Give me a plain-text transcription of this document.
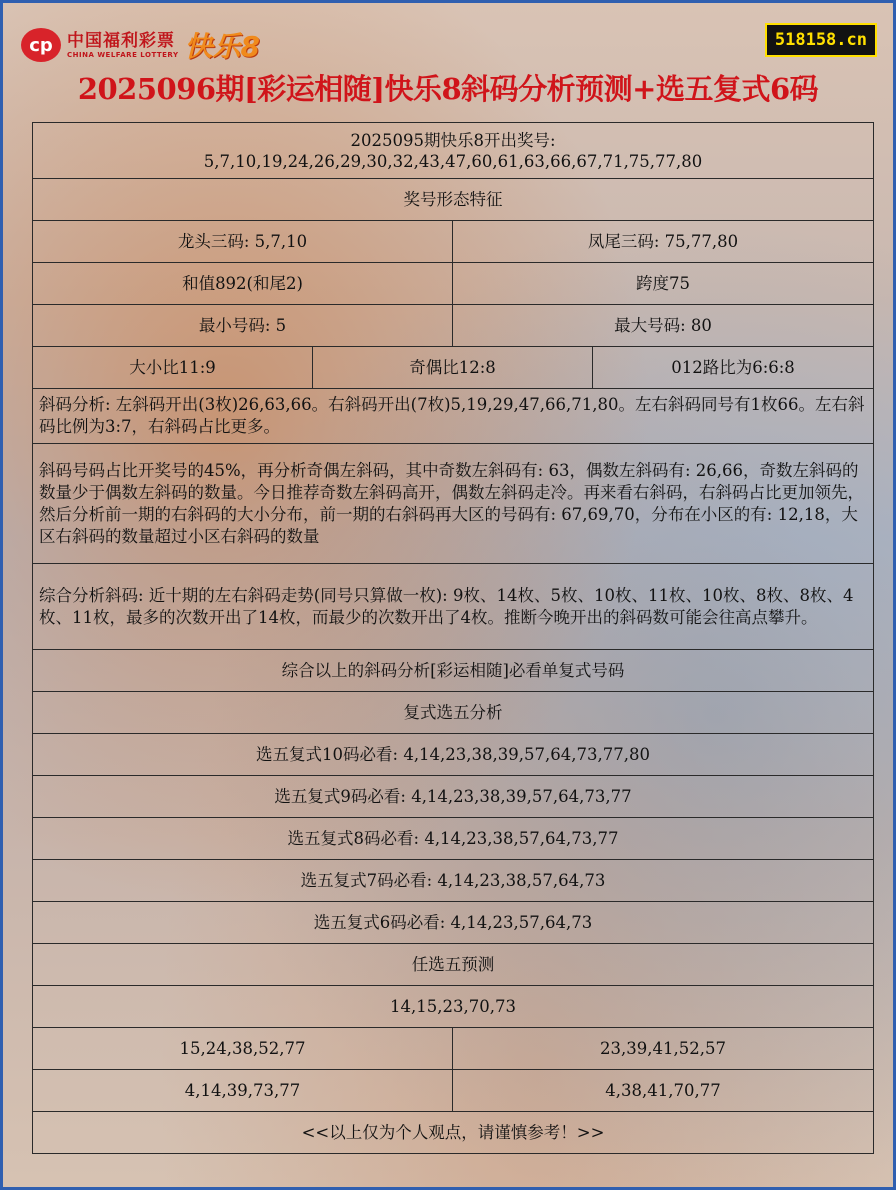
cp 中国福利彩票
CHINA WELFARE LOTTERY 快乐8	518158.cn
2025096期[彩运相随]快乐8斜码分析预测+选五复式6码
2025095期快乐8开出奖号:
5,7,10,19,24,26,29,30,32,43,47,60,61,63,66,67,71,75,77,80			

奖号形态特征			
龙头三码: 5,7,10		凤尾三码: 75,77,80	
和值892(和尾2)		跨度75	
最小号码: 5		最大号码: 80	
大小比11:9	奇偶比12:8		012路比为6:6:8
斜码分析: 左斜码开出(3枚)26,63,66。右斜码开出(7枚)5,19,29,47,66,71,80。左右斜码同号有1枚66。左右斜码比例为3:7，右斜码占比更多。			
斜码号码占比开奖号的45%，再分析奇偶左斜码，其中奇数左斜码有: 63，偶数左斜码有: 26,66，奇数左斜码的数量少于偶数左斜码的数量。今日推荐奇数左斜码高开，偶数左斜码走冷。再来看右斜码，右斜码占比更加领先，然后分析前一期的右斜码的大小分布，前一期的右斜码再大区的号码有: 67,69,70，分布在小区的有: 12,18，大区右斜码的数量超过小区右斜码的数量			
综合分析斜码: 近十期的左右斜码走势(同号只算做一枚): 9枚、14枚、5枚、10枚、11枚、10枚、8枚、8枚、4枚、11枚，最多的次数开出了14枚，而最少的次数开出了4枚。推断今晚开出的斜码数可能会往高点攀升。			
综合以上的斜码分析[彩运相随]必看单复式号码			
复式选五分析			
选五复式10码必看: 4,14,23,38,39,57,64,73,77,80			
选五复式9码必看: 4,14,23,38,39,57,64,73,77			
选五复式8码必看: 4,14,23,38,57,64,73,77			
选五复式7码必看: 4,14,23,38,57,64,73			
选五复式6码必看: 4,14,23,57,64,73			
任选五预测			
14,15,23,70,73			
15,24,38,52,77		23,39,41,52,57	
4,14,39,73,77		4,38,41,70,77	
<<以上仅为个人观点，请谨慎参考！>>			
